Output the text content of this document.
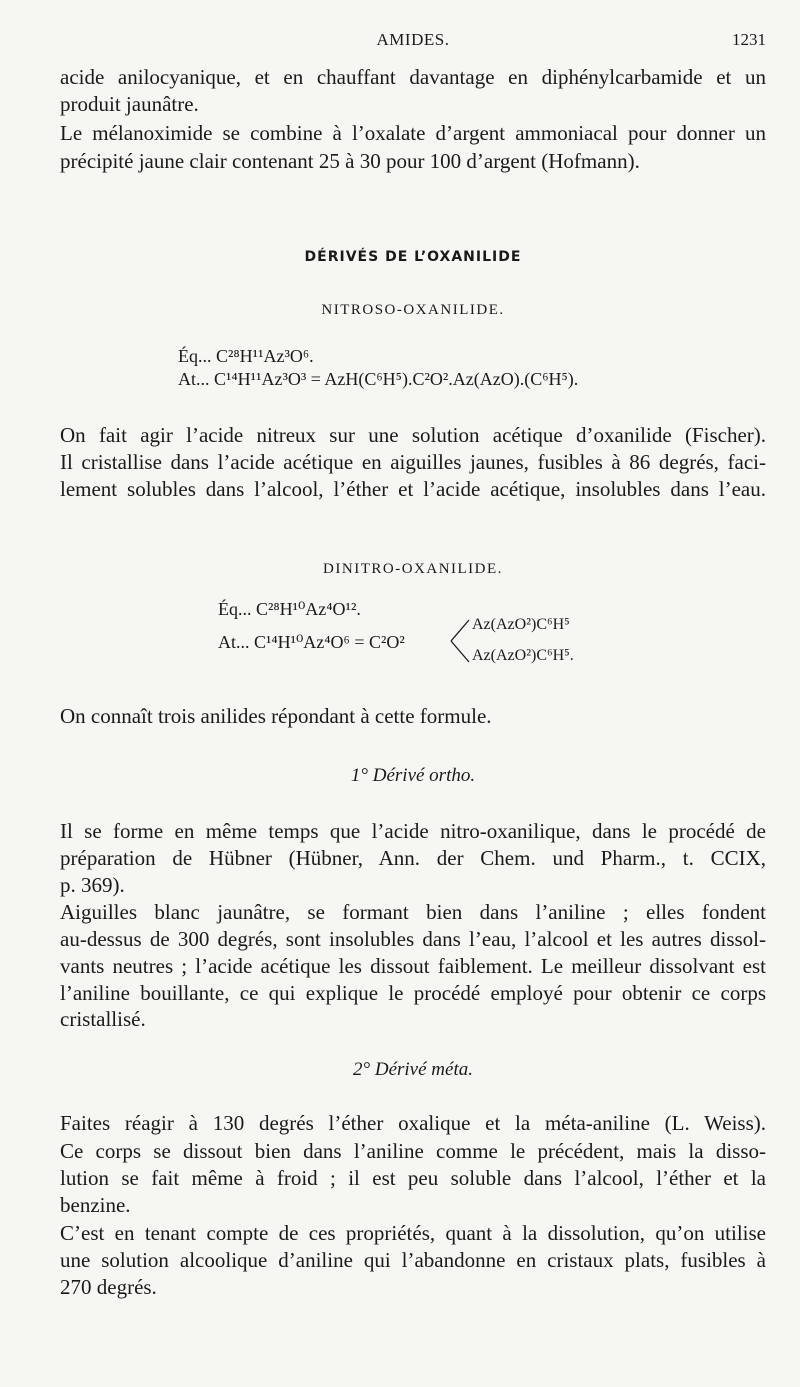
AMIDES.	1231
acide anilocyanique, et en chauffant davantage en diphénylcarbamide et un
produit jaunâtre.
Le mélanoximide se combine à l’oxalate d’argent ammoniacal pour donner un
précipité jaune clair contenant 25 à 30 pour 100 d’argent (Hofmann).
DÉRIVÉS DE L’OXANILIDE
NITROSO-OXANILIDE.
Éq... C²⁸H¹¹Az³O⁶.
At... C¹⁴H¹¹Az³O³ = AzH(C⁶H⁵).C²O².Az(AzO).(C⁶H⁵).
On fait agir l’acide nitreux sur une solution acétique d’oxanilide (Fischer).
Il cristallise dans l’acide acétique en aiguilles jaunes, fusibles à 86 degrés, faci-
lement solubles dans l’alcool, l’éther et l’acide acétique, insolubles dans l’eau.
DINITRO-OXANILIDE.
Éq... C²⁸H¹⁰Az⁴O¹².
At... C¹⁴H¹⁰Az⁴O⁶ = C²O²
Az(AzO²)C⁶H⁵
Az(AzO²)C⁶H⁵.
On connaît trois anilides répondant à cette formule.
1° Dérivé ortho.
Il se forme en même temps que l’acide nitro-oxanilique, dans le procédé de
préparation de Hübner (Hübner, Ann. der Chem. und Pharm., t. CCIX,
p. 369).
Aiguilles blanc jaunâtre, se formant bien dans l’aniline ; elles fondent
au-dessus de 300 degrés, sont insolubles dans l’eau, l’alcool et les autres dissol-
vants neutres ; l’acide acétique les dissout faiblement. Le meilleur dissolvant est
l’aniline bouillante, ce qui explique le procédé employé pour obtenir ce corps
cristallisé.
2° Dérivé méta.
Faites réagir à 130 degrés l’éther oxalique et la méta-aniline (L. Weiss).
Ce corps se dissout bien dans l’aniline comme le précédent, mais la disso-
lution se fait même à froid ; il est peu soluble dans l’alcool, l’éther et la
benzine.
C’est en tenant compte de ces propriétés, quant à la dissolution, qu’on utilise
une solution alcoolique d’aniline qui l’abandonne en cristaux plats, fusibles à
270 degrés.
